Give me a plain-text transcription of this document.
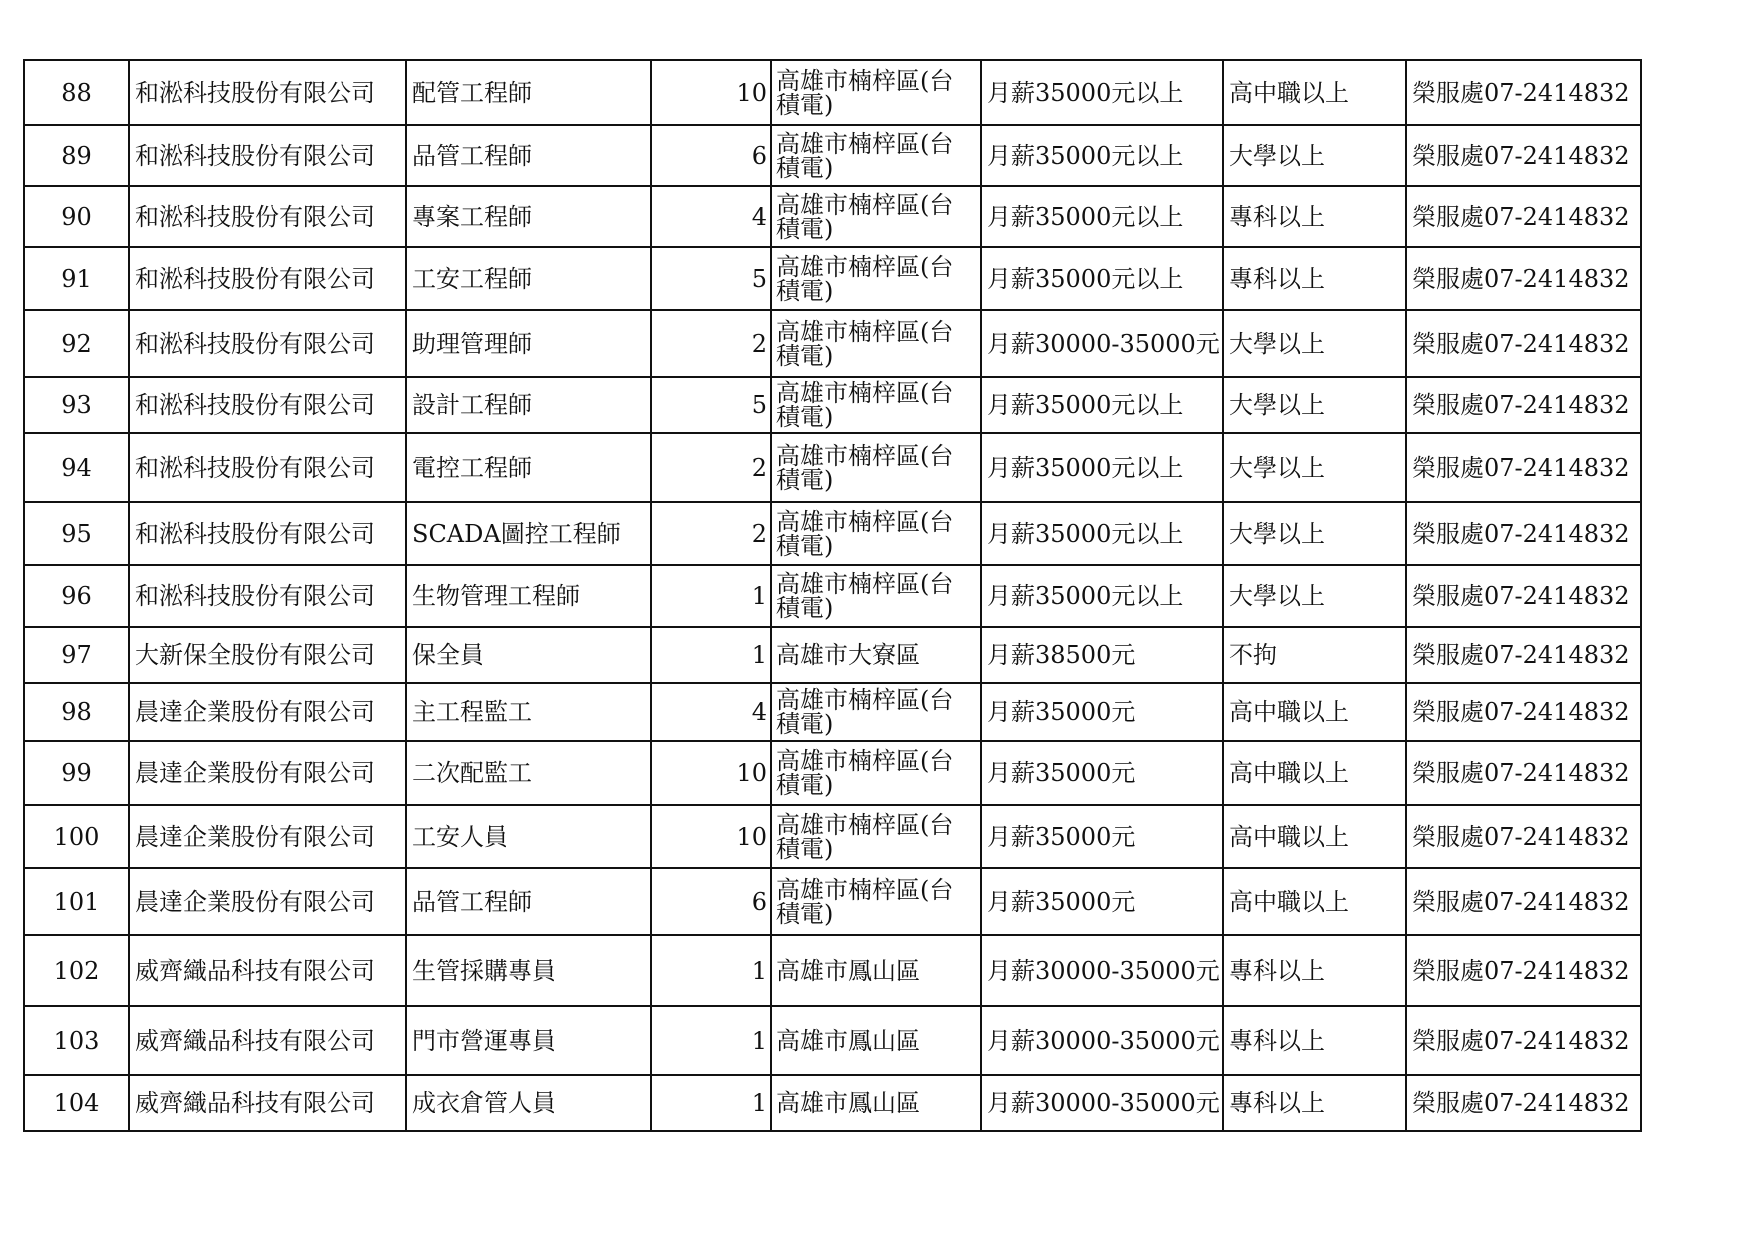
88	和淞科技股份有限公司	配管工程師	10	高雄市楠梓區(台積電)	月薪35000元以上	高中職以上	榮服處07-2414832
89	和淞科技股份有限公司	品管工程師	6	高雄市楠梓區(台積電)	月薪35000元以上	大學以上	榮服處07-2414832
90	和淞科技股份有限公司	專案工程師	4	高雄市楠梓區(台積電)	月薪35000元以上	專科以上	榮服處07-2414832
91	和淞科技股份有限公司	工安工程師	5	高雄市楠梓區(台積電)	月薪35000元以上	專科以上	榮服處07-2414832
92	和淞科技股份有限公司	助理管理師	2	高雄市楠梓區(台積電)	月薪30000-35000元	大學以上	榮服處07-2414832
93	和淞科技股份有限公司	設計工程師	5	高雄市楠梓區(台積電)	月薪35000元以上	大學以上	榮服處07-2414832
94	和淞科技股份有限公司	電控工程師	2	高雄市楠梓區(台積電)	月薪35000元以上	大學以上	榮服處07-2414832
95	和淞科技股份有限公司	SCADA圖控工程師	2	高雄市楠梓區(台積電)	月薪35000元以上	大學以上	榮服處07-2414832
96	和淞科技股份有限公司	生物管理工程師	1	高雄市楠梓區(台積電)	月薪35000元以上	大學以上	榮服處07-2414832
97	大新保全股份有限公司	保全員	1	高雄市大寮區	月薪38500元	不拘	榮服處07-2414832
98	晨達企業股份有限公司	主工程監工	4	高雄市楠梓區(台積電)	月薪35000元	高中職以上	榮服處07-2414832
99	晨達企業股份有限公司	二次配監工	10	高雄市楠梓區(台積電)	月薪35000元	高中職以上	榮服處07-2414832
100	晨達企業股份有限公司	工安人員	10	高雄市楠梓區(台積電)	月薪35000元	高中職以上	榮服處07-2414832
101	晨達企業股份有限公司	品管工程師	6	高雄市楠梓區(台積電)	月薪35000元	高中職以上	榮服處07-2414832
102	威齊織品科技有限公司	生管採購專員	1	高雄市鳳山區	月薪30000-35000元	專科以上	榮服處07-2414832
103	威齊織品科技有限公司	門市營運專員	1	高雄市鳳山區	月薪30000-35000元	專科以上	榮服處07-2414832
104	威齊織品科技有限公司	成衣倉管人員	1	高雄市鳳山區	月薪30000-35000元	專科以上	榮服處07-2414832
